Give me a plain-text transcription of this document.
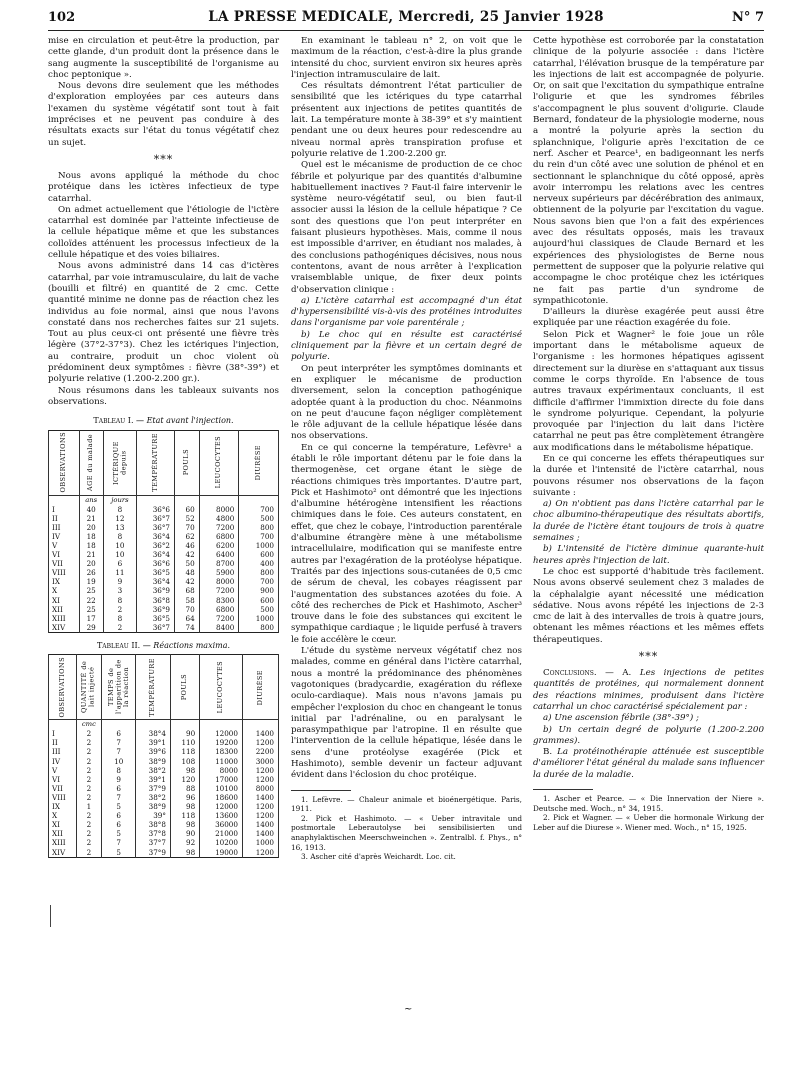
102	LA PRESSE MEDICALE, Mercredi, 25 Janvier 1928	N° 7

mise en circulation et peut-être la production, par cette glande, d'un produit dont la présence dans le sang augmente la susceptibilité de l'organisme au choc peptonique ».

Nous devons dire seulement que les méthodes d'exploration employées par ces auteurs dans l'examen du système végétatif sont tout à fait imprécises et ne peuvent pas conduire à des résultats exacts sur l'état du tonus végétatif chez un sujet.

***

Nous avons appliqué la méthode du choc protéique dans les ictères infectieux de type catarrhal.

On admet actuellement que l'étiologie de l'ictère catarrhal est dominée par l'atteinte infectieuse de la cellule hépatique même et que les substances colloïdes atténuent les processus infectieux de la cellule hépatique et des voies biliaires.

Nous avons administré dans 14 cas d'ictères catarrhal, par voie intramusculaire, du lait de vache (bouilli et filtré) en quantité de 2 cmc. Cette quantité minime ne donne pas de réaction chez les individus au foie normal, ainsi que nous l'avons constaté dans nos recherches faites sur 21 sujets. Tout au plus ceux-ci ont présenté une fièvre très légère (37°2-37°3). Chez les ictériques l'injection, au contraire, produit un choc violent où prédominent deux symptômes : fièvre (38°-39°) et polyurie relative (1.200-2.200 gr.).

Nous résumons dans les tableaux suivants nos observations.

Tableau I. — Etat avant l'injection.
OBSERVATIONS	AGE du malade	ICTÉRIQUE depuis	TEMPÉRATURE	POULS	LEUCOCYTES	DIURÈSE

	ans	jours				
I	40	8	36°6	60	8000	700
II	21	12	36°7	52	4800	500
III	20	13	36°7	70	7200	800
IV	18	8	36°4	62	6800	700
V	18	10	36°2	46	6200	1000
VI	21	10	36°4	42	6400	600
VII	20	6	36°6	50	8700	400
VIII	26	11	36°5	48	5900	800
IX	19	9	36°4	42	8000	700
X	25	3	36°9	68	7200	900
XI	22	8	36°8	58	8300	600
XII	25	2	36°9	70	6800	500
XIII	17	8	36°5	64	7200	1000
XIV	29	2	36°7	74	8400	800
Tableau II. — Réactions maxima.
OBSERVATIONS	QUANTITÉ de lait injecté	TEMPS de l'apparition de la réaction	TEMPÉRATURE	POULS	LEUCOCYTES	DIURÈSE

	cmc					
I	2	6	38°4	90	12000	1400
II	2	7	39°1	110	19200	1200
III	2	7	39°6	118	18300	2200
IV	2	10	38°9	108	11000	3000
V	2	8	38°2	98	8000	1200
VI	2	9	39°1	120	17000	1200
VII	2	6	37°9	88	10100	8000
VIII	2	7	38°2	96	18600	1400
IX	1	5	38°9	98	12000	1200
X	2	6	39°	118	13600	1200
XI	2	6	38°8	98	36000	1400
XII	2	5	37°8	90	21000	1400
XIII	2	7	37°7	92	10200	1000
XIV	2	5	37°9	98	19000	1200

En examinant le tableau n° 2, on voit que le maximum de la réaction, c'est-à-dire la plus grande intensité du choc, survient environ six heures après l'injection intramusculaire de lait.

Ces résultats démontrent l'état particulier de sensibilité que les ictériques du type catarrhal présentent aux injections de petites quantités de lait. La température monte à 38-39° et s'y maintient pendant une ou deux heures pour redescendre au niveau normal après transpiration profuse et polyurie relative de 1.200-2.200 gr.

Quel est le mécanisme de production de ce choc fébrile et polyurique par des quantités d'albumine habituellement inactives ? Faut-il faire intervenir le système neuro-végétatif seul, ou bien faut-il associer aussi la lésion de la cellule hépatique ? Ce sont des questions que l'on peut interpréter en faisant plusieurs hypothèses. Mais, comme il nous est impossible d'arriver, en étudiant nos malades, à des conclusions pathogéniques décisives, nous nous contentons, avant de nous arrêter à l'explication vraisemblable unique, de fixer deux points d'observation clinique :

a) L'ictère catarrhal est accompagné d'un état d'hypersensibilité vis-à-vis des protéines introduites dans l'organisme par voie parentérale ;

b) Le choc qui en résulte est caractérisé cliniquement par la fièvre et un certain degré de polyurie.

On peut interpréter les symptômes dominants et en expliquer le mécanisme de production diversement, selon la conception pathogénique adoptée quant à la production du choc. Néanmoins on ne peut d'aucune façon négliger complètement le rôle adjuvant de la cellule hépatique lésée dans nos observations.

En ce qui concerne la température, Lefèvre¹ a établi le rôle important détenu par le foie dans la thermogenèse, cet organe étant le siège de réactions chimiques très importantes. D'autre part, Pick et Hashimoto² ont démontré que les injections d'albumine hétérogène intensifient les réactions chimiques dans le foie. Ces auteurs constatent, en effet, que chez le cobaye, l'introduction parentérale d'albumine étrangère mène à une métabolisme intracellulaire, modification qui se manifeste entre autres par l'exagération de la protéolyse hépatique. Traités par des injections sous-cutanées de 0,5 cmc de sérum de cheval, les cobayes réagissent par l'augmentation des substances azotées du foie. A côté des recherches de Pick et Hashimoto, Ascher³ trouve dans le foie des substances qui excitent le sympathique cardiaque ; le liquide perfusé à travers le foie accélère le cœur.

L'étude du système nerveux végétatif chez nos malades, comme en général dans l'ictère catarrhal, nous a montré la prédominance des phénomènes vagotoniques (bradycardie, exagération du réflexe oculo-cardiaque). Mais nous n'avons jamais pu empêcher l'explosion du choc en changeant le tonus initial par l'adrénaline, ou en paralysant le parasympathique par l'atropine. Il en résulte que l'intervention de la cellule hépatique, lésée dans le sens d'une protéolyse exagérée (Pick et Hashimoto), semble devenir un facteur adjuvant évident dans l'éclosion du choc protéique.

1. Lefèvre. — Chaleur animale et bioénergétique. Paris, 1911.

2. Pick et Hashimoto. — « Ueber intravitale und postmortale Leberautolyse bei sensibilisierten und anaphylaktischen Meerschweinchen ». Zentralbl. f. Phys., n° 16, 1913.

3. Ascher cité d'après Weichardt. Loc. cit.

Cette hypothèse est corroborée par la constatation clinique de la polyurie associée : dans l'ictère catarrhal, l'élévation brusque de la température par les injections de lait est accompagnée de polyurie. Or, on sait que l'excitation du sympathique entraîne l'oligurie et que les syndromes fébriles s'accompagnent le plus souvent d'oligurie. Claude Bernard, fondateur de la physiologie moderne, nous a montré la polyurie après la section du splanchnique, l'oligurie après l'excitation de ce nerf. Ascher et Pearce¹, en badigeonnant les nerfs du rein d'un côté avec une solution de phénol et en sectionnant le splanchnique du côté opposé, après avoir interrompu les relations avec les centres nerveux supérieurs par décérébration des animaux, obtiennent de la polyurie par l'excitation du vague. Nous savons bien que l'on a fait des expériences avec des résultats opposés, mais les travaux aujourd'hui classiques de Claude Bernard et les expériences des physiologistes de Berne nous permettent de supposer que la polyurie relative qui accompagne le choc protéique chez les ictériques ne fait pas partie d'un syndrome de sympathicotonie.

D'ailleurs la diurèse exagérée peut aussi être expliquée par une réaction exagérée du foie.

Selon Pick et Wagner² le foie joue un rôle important dans le métabolisme aqueux de l'organisme : les hormones hépatiques agissent directement sur la diurèse en s'attaquant aux tissus comme le corps thyroïde. En l'absence de tous autres travaux expérimentaux concluants, il est difficile d'affirmer l'immixtion directe du foie dans le syndrome polyurique. Cependant, la polyurie provoquée par l'injection du lait dans l'ictère catarrhal ne peut pas être complètement étrangère aux modifications dans le métabolisme hépatique.

En ce qui concerne les effets thérapeutiques sur la durée et l'intensité de l'ictère catarrhal, nous pouvons résumer nos observations de la façon suivante :

a) On n'obtient pas dans l'ictère catarrhal par le choc albumino-thérapeutique des résultats abortifs, la durée de l'ictère étant toujours de trois à quatre semaines ;

b) L'intensité de l'ictère diminue quarante-huit heures après l'injection de lait.

Le choc est supporté d'habitude très facilement. Nous avons observé seulement chez 3 malades de la céphalalgie ayant nécessité une médication sédative. Nous avons répété les injections de 2-3 cmc de lait à des intervalles de trois à quatre jours, obtenant les mêmes réactions et les mêmes effets thérapeutiques.

***

Conclusions. — A. Les injections de petites quantités de protéines, qui normalement donnent des réactions minimes, produisent dans l'ictère catarrhal un choc caractérisé spécialement par :

a) Une ascension fébrile (38°-39°) ;

b) Un certain degré de polyurie (1.200-2.200 grammes).

B. La protéinothérapie atténuée est susceptible d'améliorer l'état général du malade sans influencer la durée de la maladie.

1. Ascher et Pearce. — « Die Innervation der Niere ». Deutsche med. Woch., n° 34, 1915.

2. Pick et Wagner. — « Ueber die hormonale Wirkung der Leber auf die Diurese ». Wiener med. Woch., n° 15, 1925.

~
